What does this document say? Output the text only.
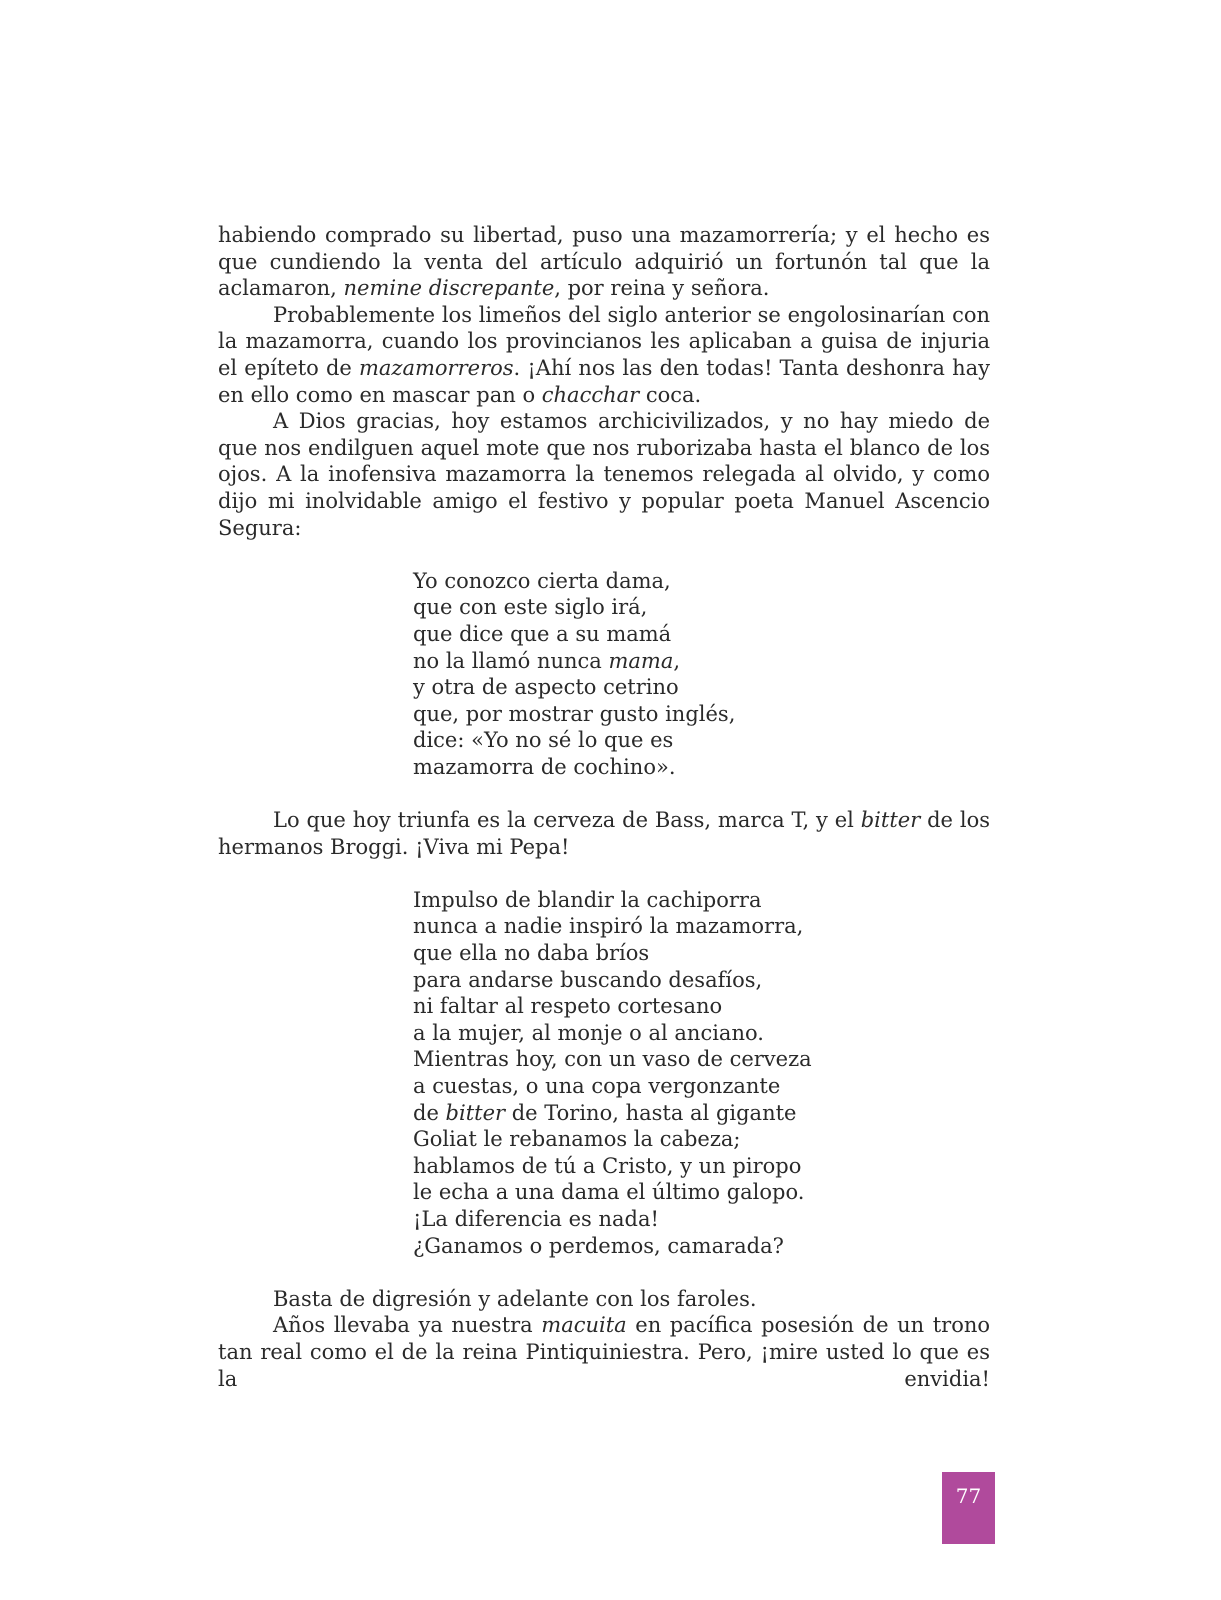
habiendo comprado su libertad, puso una mazamorrería; y el hecho es que cundiendo la venta del artículo adquirió un fortunón tal que la aclamaron, nemine discrepante, por reina y señora.

Probablemente los limeños del siglo anterior se engolosinarían con la mazamorra, cuando los provincianos les aplicaban a guisa de injuria el epíteto de mazamorreros. ¡Ahí nos las den todas! Tanta deshonra hay en ello como en mascar pan o chacchar coca.

A Dios gracias, hoy estamos archicivilizados, y no hay miedo de que nos endilguen aquel mote que nos ruborizaba hasta el blanco de los ojos. A la inofensiva mazamorra la tenemos relegada al olvido, y como dijo mi inolvidable amigo el festivo y popular poeta Manuel Ascencio Segura:

Yo conozco cierta dama,
que con este siglo irá,
que dice que a su mamá
no la llamó nunca mama,
y otra de aspecto cetrino
que, por mostrar gusto inglés,
dice: «Yo no sé lo que es
mazamorra de cochino».

Lo que hoy triunfa es la cerveza de Bass, marca T, y el bitter de los hermanos Broggi. ¡Viva mi Pepa!

Impulso de blandir la cachiporra
nunca a nadie inspiró la mazamorra,
que ella no daba bríos
para andarse buscando desafíos,
ni faltar al respeto cortesano
a la mujer, al monje o al anciano.
Mientras hoy, con un vaso de cerveza
a cuestas, o una copa vergonzante
de bitter de Torino, hasta al gigante
Goliat le rebanamos la cabeza;
hablamos de tú a Cristo, y un piropo
le echa a una dama el último galopo.
¡La diferencia es nada!
¿Ganamos o perdemos, camarada?

Basta de digresión y adelante con los faroles.

Años llevaba ya nuestra macuita en pacífica posesión de un trono tan real como el de la reina Pintiquiniestra. Pero, ¡mire usted lo que es la envidia!

77
